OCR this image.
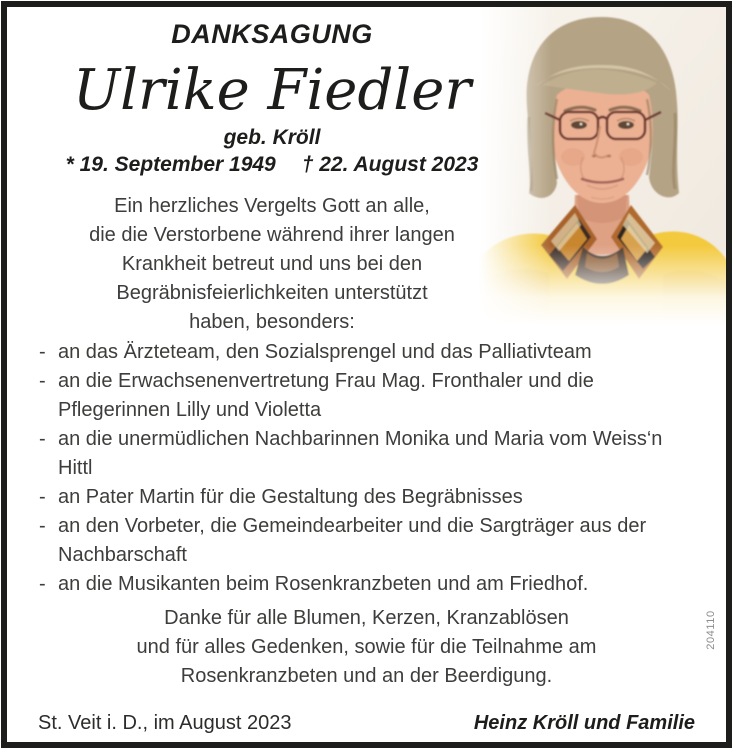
DANKSAGUNG
Ulrike Fiedler
geb. Kröll
* 19. September 1949 † 22. August 2023
Ein herzliches Vergelts Gott an alle,
die die Verstorbene während ihrer langen
Krankheit betreut und uns bei den
Begräbnisfeierlichkeiten unterstützt
haben, besonders:
- an das Ärzteteam, den Sozialsprengel und das Palliativteam
- an die Erwachsenenvertretung Frau Mag. Fronthaler und die Pflegerinnen Lilly und Violetta
- an die unermüdlichen Nachbarinnen Monika und Maria vom Weiss‘n Hittl
- an Pater Martin für die Gestaltung des Begräbnisses
- an den Vorbeter, die Gemeindearbeiter und die Sargträger aus der Nachbarschaft
- an die Musikanten beim Rosenkranzbeten und am Friedhof.
Danke für alle Blumen, Kerzen, Kranzablösen
und für alles Gedenken, sowie für die Teilnahme am
Rosenkranzbeten und an der Beerdigung.
204110
St. Veit i. D., im August 2023	Heinz Kröll und Familie
